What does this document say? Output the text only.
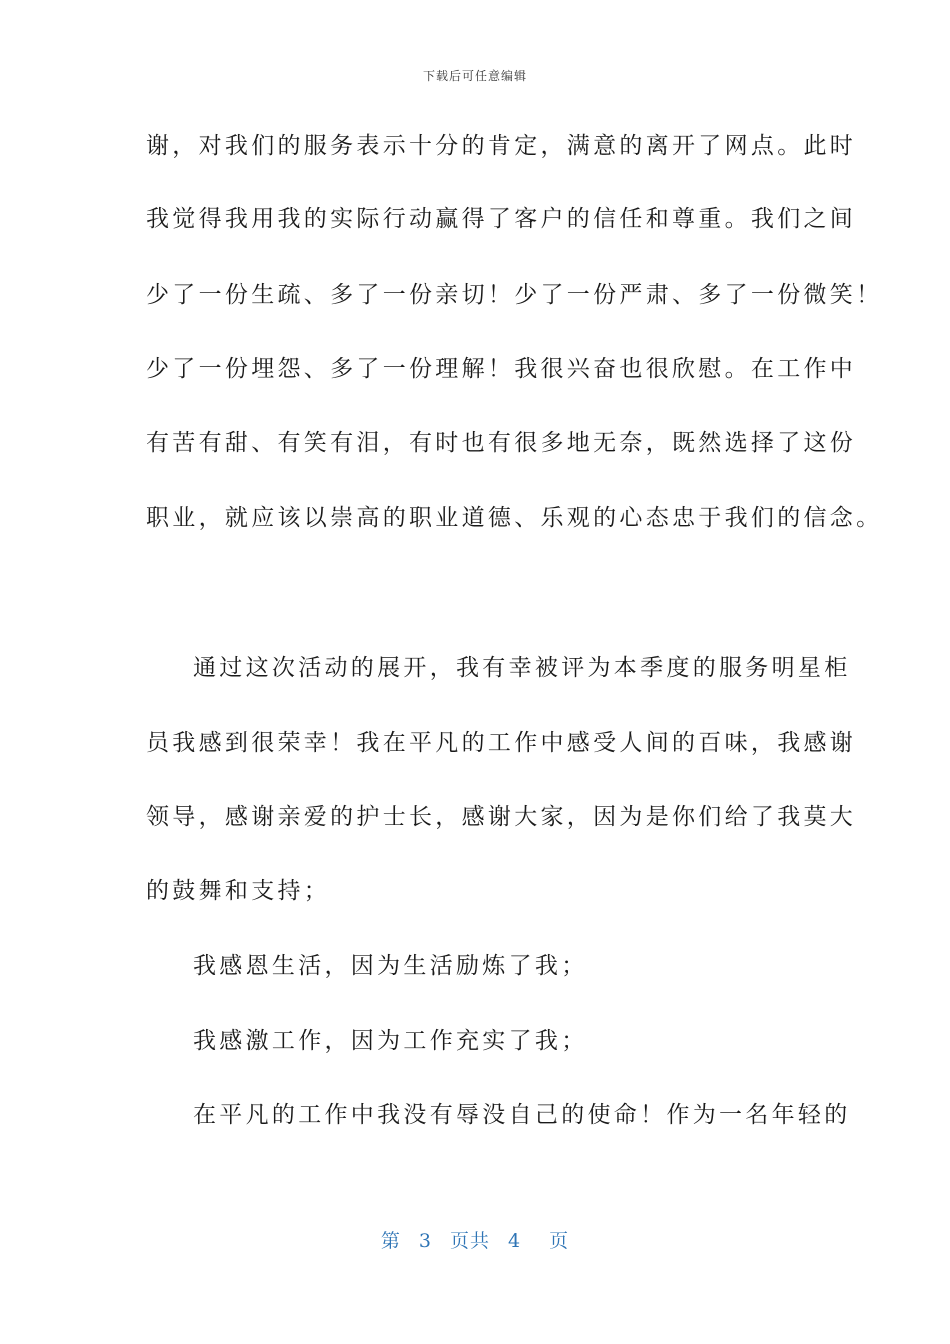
下载后可任意编辑
谢，对我们的服务表示十分的肯定，满意的离开了网点。此时
我觉得我用我的实际行动赢得了客户的信任和尊重。我们之间
少了一份生疏、多了一份亲切！少了一份严肃、多了一份微笑！
少了一份埋怨、多了一份理解！我很兴奋也很欣慰。在工作中
有苦有甜、有笑有泪，有时也有很多地无奈，既然选择了这份
职业，就应该以崇高的职业道德、乐观的心态忠于我们的信念。
通过这次活动的展开，我有幸被评为本季度的服务明星柜
员我感到很荣幸！我在平凡的工作中感受人间的百味，我感谢
领导，感谢亲爱的护士长，感谢大家，因为是你们给了我莫大
的鼓舞和支持；
我感恩生活，因为生活励炼了我；
我感激工作，因为工作充实了我；
在平凡的工作中我没有辱没自己的使命！作为一名年轻的
第 3 页共 4 页
